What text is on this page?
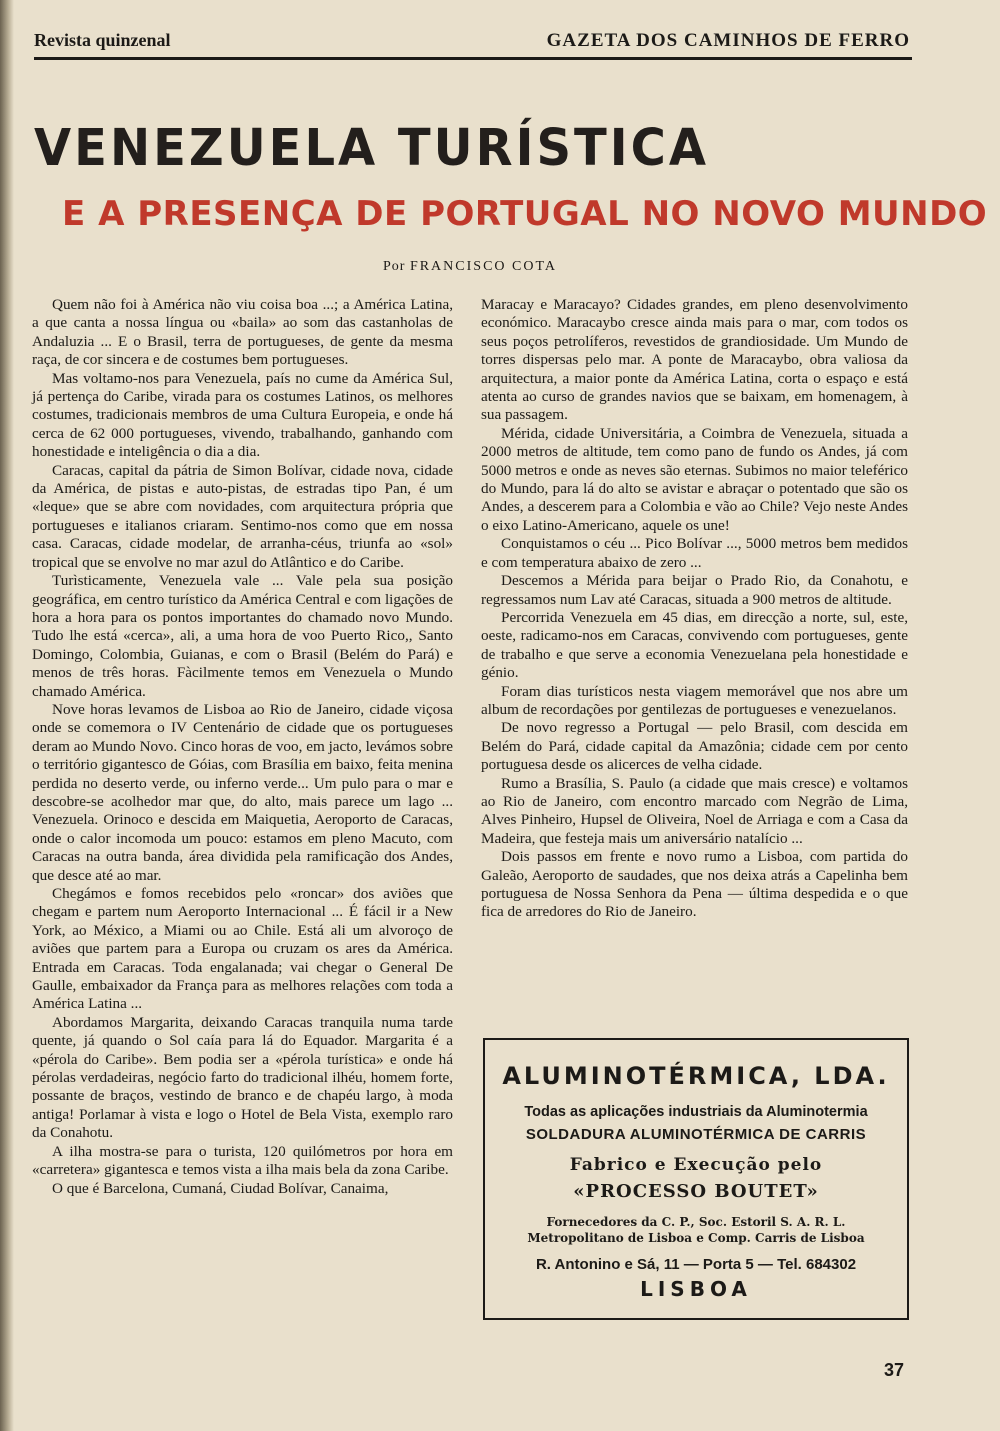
Revista quinzenal	GAZETA DOS CAMINHOS DE FERRO
VENEZUELA TURÍSTICA
E A PRESENÇA DE PORTUGAL NO NOVO MUNDO
Por FRANCISCO COTA

Quem não foi à América não viu coisa boa ...; a América Latina, a que canta a nossa língua ou «baila» ao som das castanholas de Andaluzia ... E o Brasil, terra de portugueses, de gente da mesma raça, de cor sincera e de costumes bem portugueses.

Mas voltamo-nos para Venezuela, país no cume da América Sul, já pertença do Caribe, virada para os costumes Latinos, os melhores costumes, tradicionais membros de uma Cultura Europeia, e onde há cerca de 62 000 portugueses, vivendo, trabalhando, ganhando com honestidade e inteligência o dia a dia.

Caracas, capital da pátria de Simon Bolívar, cidade nova, cidade da América, de pistas e auto-pistas, de estradas tipo Pan, é um «leque» que se abre com novidades, com arquitectura própria que portugueses e italianos criaram. Sentimo-nos como que em nossa casa. Caracas, cidade modelar, de arranha-céus, triunfa ao «sol» tropical que se envolve no mar azul do Atlântico e do Caribe.

Turìsticamente, Venezuela vale ... Vale pela sua posição geográfica, em centro turístico da América Central e com ligações de hora a hora para os pontos importantes do chamado novo Mundo. Tudo lhe está «cerca», ali, a uma hora de voo Puerto Rico,, Santo Domingo, Colombia, Guianas, e com o Brasil (Belém do Pará) e menos de três horas. Fàcilmente temos em Venezuela o Mundo chamado América.

Nove horas levamos de Lisboa ao Rio de Janeiro, cidade viçosa onde se comemora o IV Centenário de cidade que os portugueses deram ao Mundo Novo. Cinco horas de voo, em jacto, levámos sobre o território gigantesco de Góias, com Brasília em baixo, feita menina perdida no deserto verde, ou inferno verde... Um pulo para o mar e descobre-se acolhedor mar que, do alto, mais parece um lago ... Venezuela. Orinoco e descida em Maiquetia, Aeroporto de Caracas, onde o calor incomoda um pouco: estamos em pleno Macuto, com Caracas na outra banda, área dividida pela ramificação dos Andes, que desce até ao mar.

Chegámos e fomos recebidos pelo «roncar» dos aviões que chegam e partem num Aeroporto Internacional ... É fácil ir a New York, ao México, a Miami ou ao Chile. Está ali um alvoroço de aviões que partem para a Europa ou cruzam os ares da América. Entrada em Caracas. Toda engalanada; vai chegar o General De Gaulle, embaixador da França para as melhores relações com toda a América Latina ...

Abordamos Margarita, deixando Caracas tranquila numa tarde quente, já quando o Sol caía para lá do Equador. Margarita é a «pérola do Caribe». Bem podia ser a «pérola turística» e onde há pérolas verdadeiras, negócio farto do tradicional ilhéu, homem forte, possante de braços, vestindo de branco e de chapéu largo, à moda antiga! Porlamar à vista e logo o Hotel de Bela Vista, exemplo raro da Conahotu.

A ilha mostra-se para o turista, 120 quilómetros por hora em «carretera» gigantesca e temos vista a ilha mais bela da zona Caribe.

O que é Barcelona, Cumaná, Ciudad Bolívar, Canaima,

Maracay e Maracayo? Cidades grandes, em pleno desenvolvimento económico. Maracaybo cresce ainda mais para o mar, com todos os seus poços petrolíferos, revestidos de grandiosidade. Um Mundo de torres dispersas pelo mar. A ponte de Maracaybo, obra valiosa da arquitectura, a maior ponte da América Latina, corta o espaço e está atenta ao curso de grandes navios que se baixam, em homenagem, à sua passagem.

Mérida, cidade Universitária, a Coimbra de Venezuela, situada a 2000 metros de altitude, tem como pano de fundo os Andes, já com 5000 metros e onde as neves são eternas. Subimos no maior teleférico do Mundo, para lá do alto se avistar e abraçar o potentado que são os Andes, a descerem para a Colombia e vão ao Chile? Vejo neste Andes o eixo Latino-Americano, aquele os une!

Conquistamos o céu ... Pico Bolívar ..., 5000 metros bem medidos e com temperatura abaixo de zero ...

Descemos a Mérida para beijar o Prado Rio, da Conahotu, e regressamos num Lav até Caracas, situada a 900 metros de altitude.

Percorrida Venezuela em 45 dias, em direcção a norte, sul, este, oeste, radicamo-nos em Caracas, convivendo com portugueses, gente de trabalho e que serve a economia Venezuelana pela honestidade e génio.

Foram dias turísticos nesta viagem memorável que nos abre um album de recordações por gentilezas de portugueses e venezuelanos.

De novo regresso a Portugal — pelo Brasil, com descida em Belém do Pará, cidade capital da Amazônia; cidade cem por cento portuguesa desde os alicerces de velha cidade.

Rumo a Brasília, S. Paulo (a cidade que mais cresce) e voltamos ao Rio de Janeiro, com encontro marcado com Negrão de Lima, Alves Pinheiro, Hupsel de Oliveira, Noel de Arriaga e com a Casa da Madeira, que festeja mais um aniversário natalício ...

Dois passos em frente e novo rumo a Lisboa, com partida do Galeão, Aeroporto de saudades, que nos deixa atrás a Capelinha bem portuguesa de Nossa Senhora da Pena — última despedida e o que fica de arredores do Rio de Janeiro.

ALUMINOTÉRMICA, LDA.
Todas as aplicações industriais da Aluminotermia
SOLDADURA ALUMINOTÉRMICA DE CARRIS
Fabrico e Execução pelo
«PROCESSO BOUTET»
Fornecedores da C. P., Soc. Estoril S. A. R. L.
Metropolitano de Lisboa e Comp. Carris de Lisboa
R. Antonino e Sá, 11 — Porta 5 — Tel. 684302
LISBOA
37
